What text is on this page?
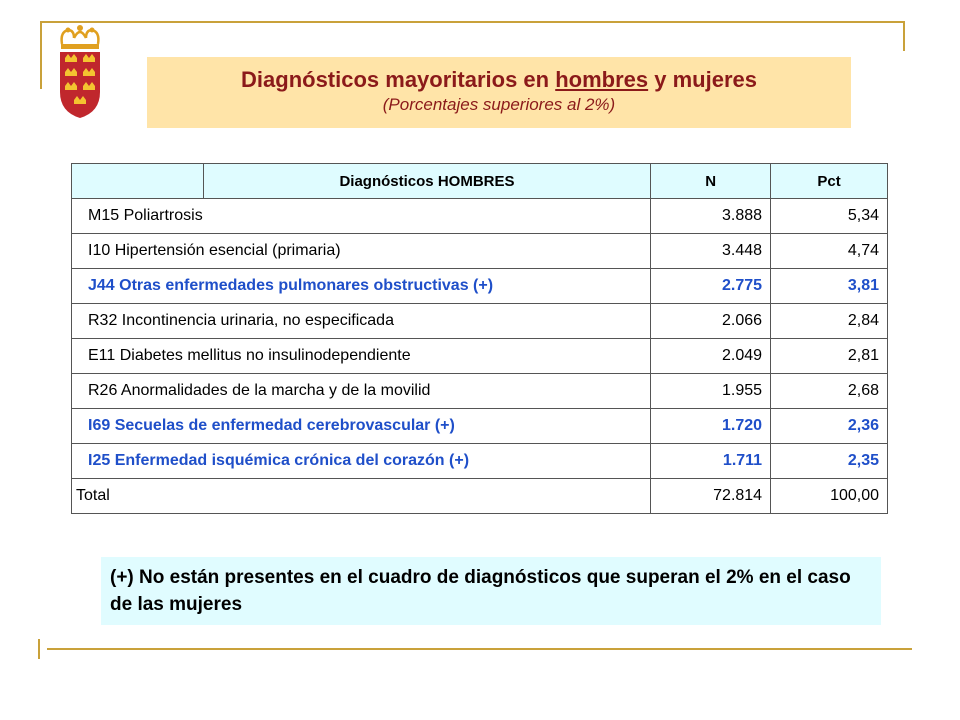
Diagnósticos mayoritarios en hombres y mujeres
(Porcentajes superiores al 2%)
	Diagnósticos HOMBRES	N	Pct
M15 Poliartrosis		3.888	5,34
I10 Hipertensión esencial (primaria)		3.448	4,74
J44 Otras enfermedades pulmonares obstructivas (+)		2.775	3,81
R32 Incontinencia urinaria, no especificada		2.066	2,84
E11 Diabetes mellitus no insulinodependiente		2.049	2,81
R26 Anormalidades de la marcha y de la movilid		1.955	2,68
I69 Secuelas de enfermedad cerebrovascular (+)		1.720	2,36
I25 Enfermedad isquémica crónica del corazón (+)		1.711	2,35
Total		72.814	100,00
(+) No están presentes en el cuadro de diagnósticos que superan el 2% en el caso de las mujeres
